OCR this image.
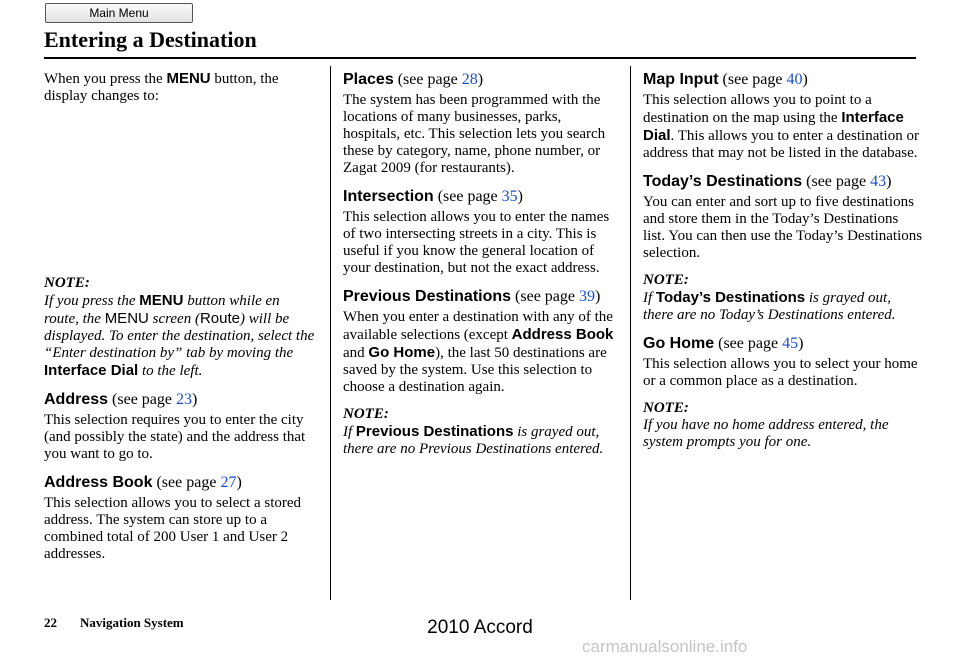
Main Menu
Entering a Destination

When you press the MENU button, the display changes to:

NOTE:

If you press the MENU button while en route, the MENU screen (Route) will be displayed. To enter the destination, select the “Enter destination by” tab by moving the Interface Dial to the left.

Address (see page 23)

This selection requires you to enter the city (and possibly the state) and the address that you want to go to.

Address Book (see page 27)

This selection allows you to select a stored address. The system can store up to a combined total of 200 User 1 and User 2 addresses.

Places (see page 28)

The system has been programmed with the locations of many businesses, parks, hospitals, etc. This selection lets you search these by category, name, phone number, or Zagat 2009 (for restaurants).

Intersection (see page 35)

This selection allows you to enter the names of two intersecting streets in a city. This is useful if you know the general location of your destination, but not the exact address.

Previous Destinations (see page 39)

When you enter a destination with any of the available selections (except Address Book and Go Home), the last 50 destinations are saved by the system. Use this selection to choose a destination again.

NOTE:

If Previous Destinations is grayed out, there are no Previous Destinations entered.

Map Input (see page 40)

This selection allows you to point to a destination on the map using the Interface Dial. This allows you to enter a destination or address that may not be listed in the database.

Today’s Destinations (see page 43)

You can enter and sort up to five destinations and store them in the Today’s Destinations list. You can then use the Today’s Destinations selection.

NOTE:

If Today’s Destinations is grayed out, there are no Today’s Destinations entered.

Go Home (see page 45)

This selection allows you to select your home or a common place as a destination.

NOTE:

If you have no home address entered, the system prompts you for one.

22 Navigation System	2010 Accord
carmanualsonline.info
